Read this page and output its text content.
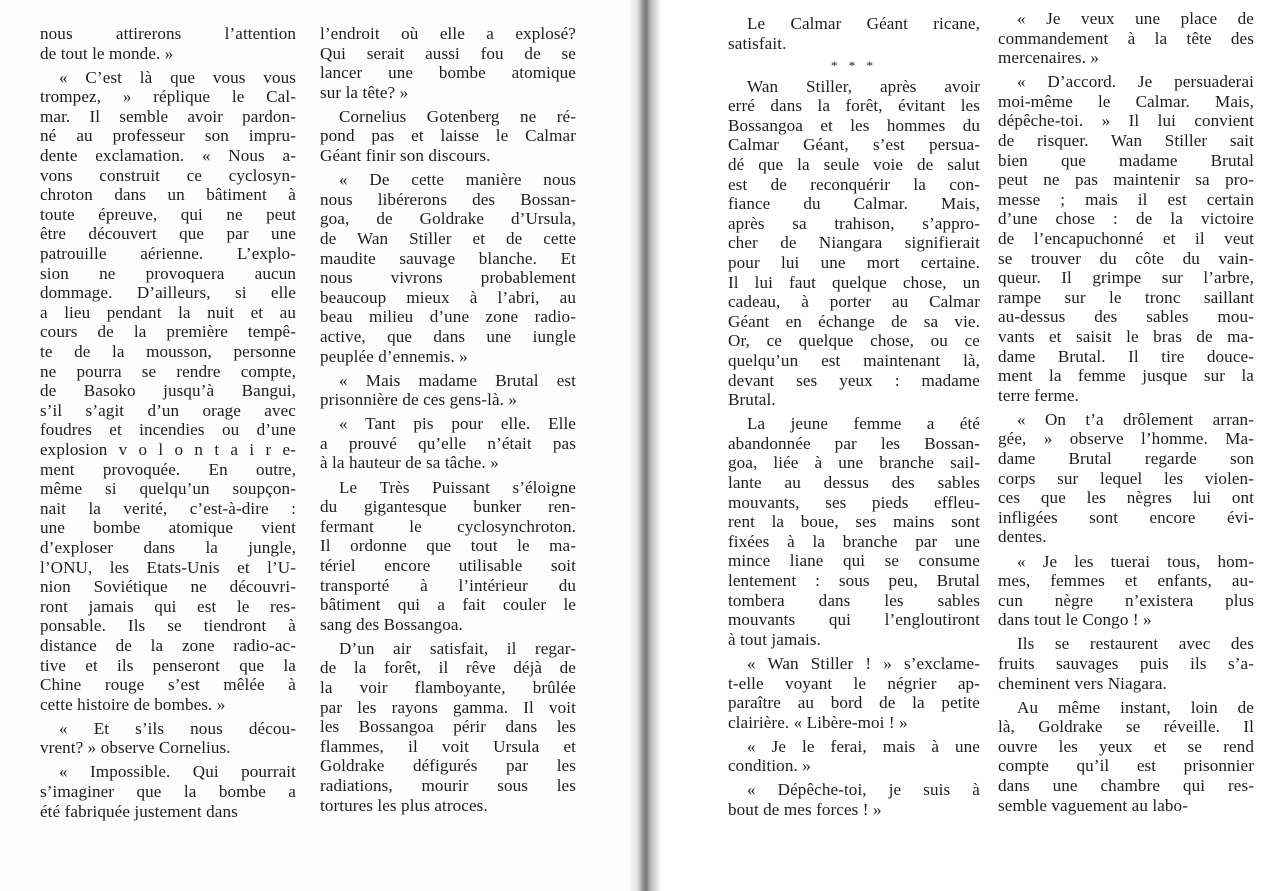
nous attirerons l’attention
de tout le monde. »

« C’est là que vous vous
trompez, » réplique le Cal-
mar. Il semble avoir pardon-
né au professeur son impru-
dente exclamation. « Nous a-
vons construit ce cyclosyn-
chroton dans un bâtiment à
toute épreuve, qui ne peut
être découvert que par une
patrouille aérienne. L’explo-
sion ne provoquera aucun
dommage. D’ailleurs, si elle
a lieu pendant la nuit et au
cours de la première tempê-
te de la mousson, personne
ne pourra se rendre compte,
de Basoko jusqu’à Bangui,
s’il s’agit d’un orage avec
foudres et incendies ou d’une
explosion v o l o n t a i r e-
ment provoquée. En outre,
même si quelqu’un soupçon-
nait la verité, c’est-à-dire :
une bombe atomique vient
d’exploser dans la jungle,
l’ONU, les Etats-Unis et l’U-
nion Soviétique ne découvri-
ront jamais qui est le res-
ponsable. Ils se tiendront à
distance de la zone radio-ac-
tive et ils penseront que la
Chine rouge s’est mêlée à
cette histoire de bombes. »

« Et s’ils nous décou-
vrent? » observe Cornelius.

« Impossible. Qui pourrait
s’imaginer que la bombe a
été fabriquée justement dans

l’endroit où elle a explosé?
Qui serait aussi fou de se
lancer une bombe atomique
sur la tête? »

Cornelius Gotenberg ne ré-
pond pas et laisse le Calmar
Géant finir son discours.

« De cette manière nous
nous libérerons des Bossan-
goa, de Goldrake d’Ursula,
de Wan Stiller et de cette
maudite sauvage blanche. Et
nous vivrons probablement
beaucoup mieux à l’abri, au
beau milieu d’une zone radio-
active, que dans une iungle
peuplée d’ennemis. »

« Mais madame Brutal est
prisonnière de ces gens-là. »

« Tant pis pour elle. Elle
a prouvé qu’elle n’était pas
à la hauteur de sa tâche. »

Le Très Puissant s’éloigne
du gigantesque bunker ren-
fermant le cyclosynchroton.
Il ordonne que tout le ma-
tériel encore utilisable soit
transporté à l’intérieur du
bâtiment qui a fait couler le
sang des Bossangoa.

D’un air satisfait, il regar-
de la forêt, il rêve déjà de
la voir flamboyante, brûlée
par les rayons gamma. Il voit
les Bossangoa périr dans les
flammes, il voit Ursula et
Goldrake défigurés par les
radiations, mourir sous les
tortures les plus atroces.

Le Calmar Géant ricane,
satisfait.

* * *

Wan Stiller, après avoir
erré dans la forêt, évitant les
Bossangoa et les hommes du
Calmar Géant, s’est persua-
dé que la seule voie de salut
est de reconquérir la con-
fiance du Calmar. Mais,
après sa trahison, s’appro-
cher de Niangara signifierait
pour lui une mort certaine.
Il lui faut quelque chose, un
cadeau, à porter au Calmar
Géant en échange de sa vie.
Or, ce quelque chose, ou ce
quelqu’un est maintenant là,
devant ses yeux : madame
Brutal.

La jeune femme a été
abandonnée par les Bossan-
goa, liée à une branche sail-
lante au dessus des sables
mouvants, ses pieds effleu-
rent la boue, ses mains sont
fixées à la branche par une
mince liane qui se consume
lentement : sous peu, Brutal
tombera dans les sables
mouvants qui l’engloutiront
à tout jamais.

« Wan Stiller ! » s’exclame-
t-elle voyant le négrier ap-
paraître au bord de la petite
clairière. « Libère-moi ! »

« Je le ferai, mais à une
condition. »

« Dépêche-toi, je suis à
bout de mes forces ! »

« Je veux une place de
commandement à la tête des
mercenaires. »

« D’accord. Je persuaderai
moi-même le Calmar. Mais,
dépêche-toi. » Il lui convient
de risquer. Wan Stiller sait
bien que madame Brutal
peut ne pas maintenir sa pro-
messe ; mais il est certain
d’une chose : de la victoire
de l’encapuchonné et il veut
se trouver du côte du vain-
queur. Il grimpe sur l’arbre,
rampe sur le tronc saillant
au-dessus des sables mou-
vants et saisit le bras de ma-
dame Brutal. Il tire douce-
ment la femme jusque sur la
terre ferme.

« On t’a drôlement arran-
gée, » observe l’homme. Ma-
dame Brutal regarde son
corps sur lequel les violen-
ces que les nègres lui ont
infligées sont encore évi-
dentes.

« Je les tuerai tous, hom-
mes, femmes et enfants, au-
cun nègre n’existera plus
dans tout le Congo ! »

Ils se restaurent avec des
fruits sauvages puis ils s’a-
cheminent vers Niagara.

Au même instant, loin de
là, Goldrake se réveille. Il
ouvre les yeux et se rend
compte qu’il est prisonnier
dans une chambre qui res-
semble vaguement au labo-
